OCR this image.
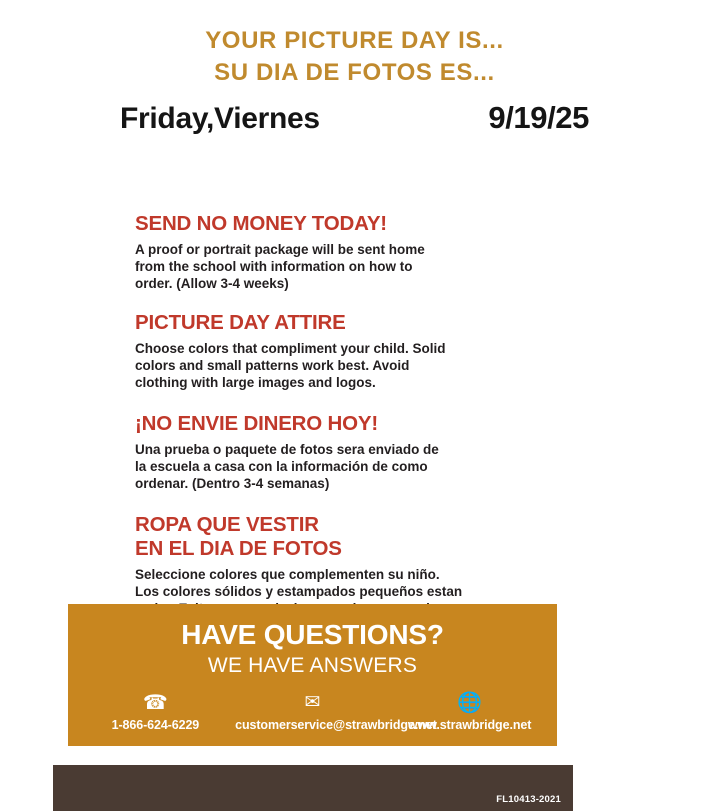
YOUR PICTURE DAY IS...
SU DIA DE FOTOS ES...
Friday,Viernes	9/19/25
SEND NO MONEY TODAY!
A proof or portrait package will be sent home
from the school with information on how to
order. (Allow 3-4 weeks)
PICTURE DAY ATTIRE
Choose colors that compliment your child. Solid
colors and small patterns work best. Avoid
clothing with large images and logos.
¡NO ENVIE DINERO HOY!
Una prueba o paquete de fotos sera enviado de
la escuela a casa con la información de como
ordenar. (Dentro 3-4 semanas)
ROPA QUE VESTIR
EN EL DIA DE FOTOS
Seleccione colores que complementen su niño.
Los colores sólidos y estampados pequeños estan
HAVE QUESTIONS?
WE HAVE ANSWERS
☎
1-866-624-6229
✉
customerservice@strawbridge.net
🌐
www.strawbridge.net
FL10413-2021
